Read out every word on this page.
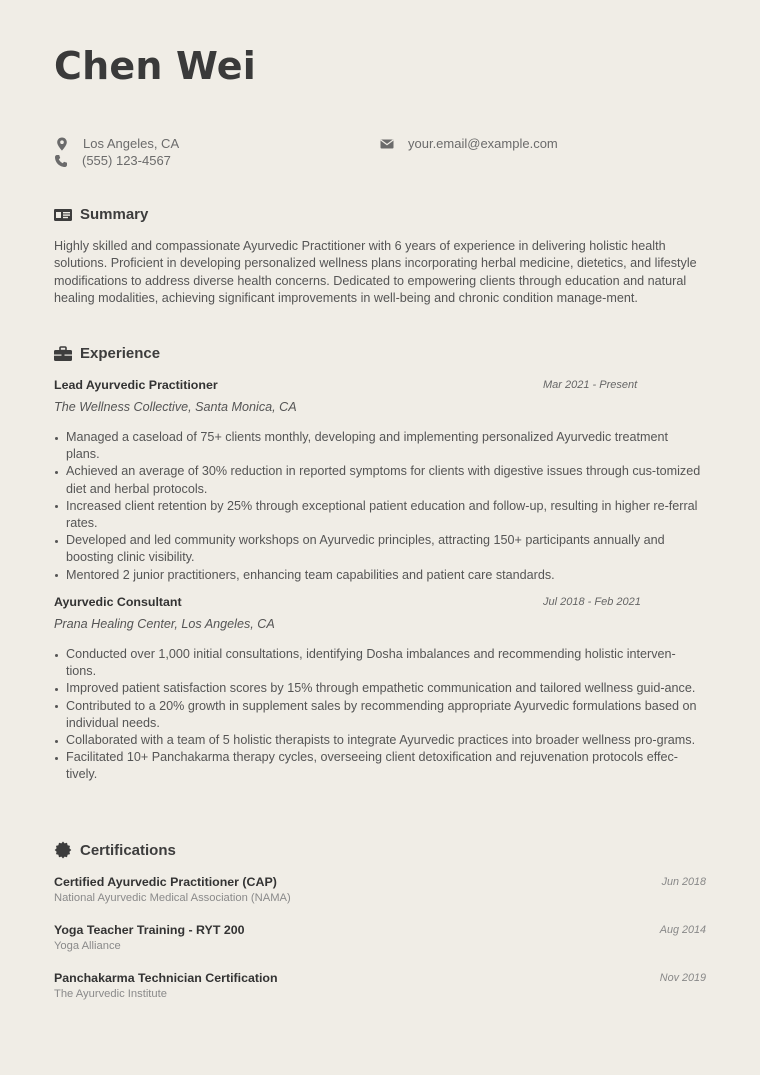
Chen Wei
Los Angeles, CA
(555) 123-4567
your.email@example.com
Summary
Highly skilled and compassionate Ayurvedic Practitioner with 6 years of experience in delivering holistic health solutions. Proficient in developing personalized wellness plans incorporating herbal medicine, dietetics, and lifestyle modifications to address diverse health concerns. Dedicated to empowering clients through education and natural healing modalities, achieving significant improvements in well-being and chronic condition manage-ment.
Experience
Lead Ayurvedic Practitioner	Mar 2021 - Present
The Wellness Collective, Santa Monica, CA
Managed a caseload of 75+ clients monthly, developing and implementing personalized Ayurvedic treatment plans.
Achieved an average of 30% reduction in reported symptoms for clients with digestive issues through cus-tomized diet and herbal protocols.
Increased client retention by 25% through exceptional patient education and follow-up, resulting in higher re-ferral rates.
Developed and led community workshops on Ayurvedic principles, attracting 150+ participants annually and boosting clinic visibility.
Mentored 2 junior practitioners, enhancing team capabilities and patient care standards.
Ayurvedic Consultant	Jul 2018 - Feb 2021
Prana Healing Center, Los Angeles, CA
Conducted over 1,000 initial consultations, identifying Dosha imbalances and recommending holistic interven-tions.
Improved patient satisfaction scores by 15% through empathetic communication and tailored wellness guid-ance.
Contributed to a 20% growth in supplement sales by recommending appropriate Ayurvedic formulations based on individual needs.
Collaborated with a team of 5 holistic therapists to integrate Ayurvedic practices into broader wellness pro-grams.
Facilitated 10+ Panchakarma therapy cycles, overseeing client detoxification and rejuvenation protocols effec-tively.
Certifications
Certified Ayurvedic Practitioner (CAP)	Jun 2018
National Ayurvedic Medical Association (NAMA)
Yoga Teacher Training - RYT 200	Aug 2014
Yoga Alliance
Panchakarma Technician Certification	Nov 2019
The Ayurvedic Institute
